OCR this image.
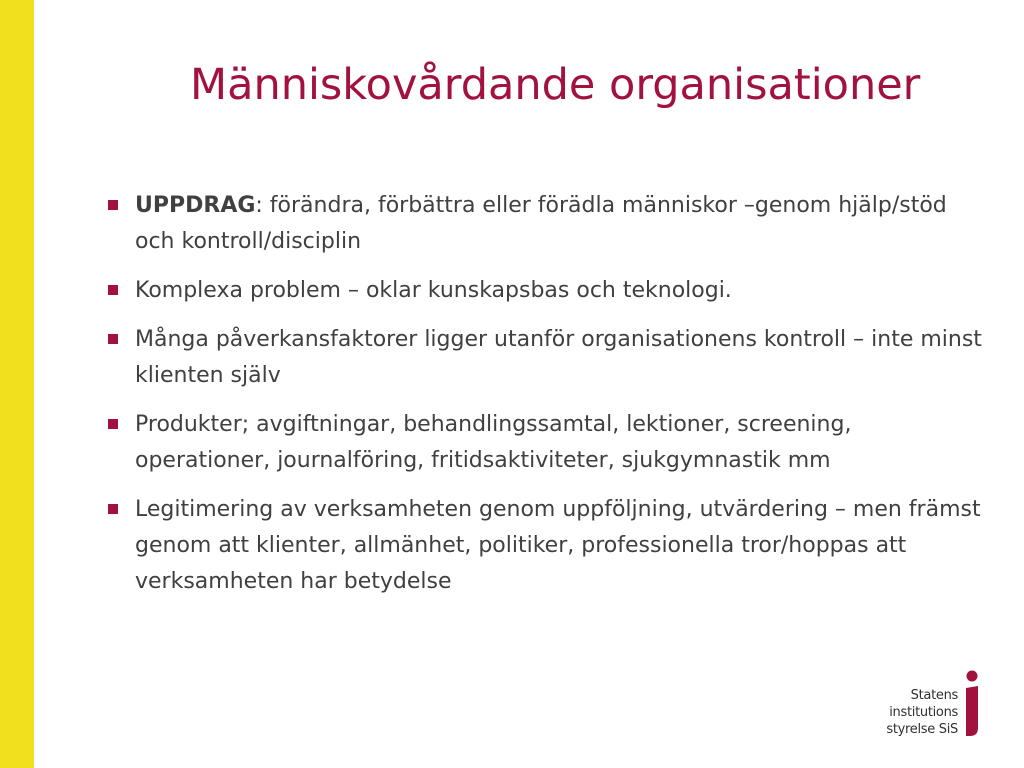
Människovårdande organisationer
UPPDRAG: förändra, förbättra eller förädla människor –genom hjälp/stöd och kontroll/disciplin
Komplexa problem – oklar kunskapsbas och teknologi.
Många påverkansfaktorer ligger utanför organisationens kontroll – inte minst klienten själv
Produkter; avgiftningar, behandlingssamtal, lektioner, screening, operationer, journalföring, fritidsaktiviteter, sjukgymnastik mm
Legitimering av verksamheten genom uppföljning, utvärdering – men främst genom att klienter, allmänhet, politiker, professionella tror/hoppas att verksamheten har betydelse
Statens
institutions
styrelse SiS
